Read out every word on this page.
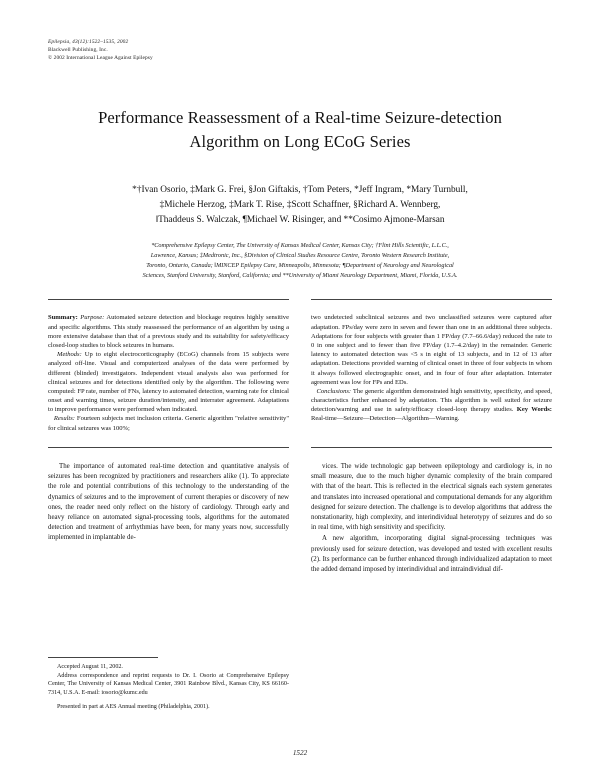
Epilepsia, 43(12):1522–1535, 2002
Blackwell Publishing, Inc.
© 2002 International League Against Epilepsy
Performance Reassessment of a Real-time Seizure-detection
Algorithm on Long ECoG Series
*†Ivan Osorio, ‡Mark G. Frei, §Jon Giftakis, †Tom Peters, *Jeff Ingram, *Mary Turnbull,
‡Michele Herzog, ‡Mark T. Rise, ‡Scott Schaffner, §Richard A. Wennberg,
‖Thaddeus S. Walczak, ¶Michael W. Risinger, and **Cosimo Ajmone-Marsan
*Comprehensive Epilepsy Center, The University of Kansas Medical Center, Kansas City; †Flint Hills Scientific, L.L.C.,
Lawrence, Kansas; ‡Medtronic, Inc., §Division of Clinical Studies Resource Centre, Toronto Western Research Institute,
Toronto, Ontario, Canada; ‖MINCEP Epilepsy Care, Minneapolis, Minnesota; ¶Department of Neurology and Neurological
Sciences, Stanford University, Stanford, California; and **University of Miami Neurology Department, Miami, Florida, U.S.A.

Summary: Purpose: Automated seizure detection and blockage requires highly sensitive and specific algorithms. This study reassessed the performance of an algorithm by using a more extensive database than that of a previous study and its suitability for safety/efficacy closed-loop studies to block seizures in humans.
Methods: Up to eight electrocorticography (ECoG) channels from 15 subjects were analyzed off-line. Visual and computerized analyses of the data were performed by different (blinded) investigators. Independent visual analysis also was performed for clinical seizures and for detections identified only by the algorithm. The following were computed: FP rate, number of FNs, latency to automated detection, warning rate for clinical onset and warning times, seizure duration/intensity, and interrater agreement. Adaptations to improve performance were performed when indicated.
Results: Fourteen subjects met inclusion criteria. Generic algorithm "relative sensitivity" for clinical seizures was 100%;

two undetected subclinical seizures and two unclassified seizures were captured after adaptation. FPs/day were zero in seven and fewer than one in an additional three subjects. Adaptations for four subjects with greater than 1 FP/day (7.7–66.6/day) reduced the rate to 0 in one subject and to fewer than five FP/day (1.7–4.2/day) in the remainder. Generic latency to automated detection was <5 s in eight of 13 subjects, and in 12 of 13 after adaptation. Detections provided warning of clinical onset in three of four subjects in whom it always followed electrographic onset, and in four of four after adaptation. Interrater agreement was low for FPs and EDs.
Conclusions: The generic algorithm demonstrated high sensitivity, specificity, and speed, characteristics further enhanced by adaptation. This algorithm is well suited for seizure detection/warning and use in safety/efficacy closed-loop therapy studies. Key Words: Real-time—Seizure—Detection—Algorithm—Warning.

The importance of automated real-time detection and quantitative analysis of seizures has been recognized by practitioners and researchers alike (1). To appreciate the role and potential contributions of this technology to the understanding of the dynamics of seizures and to the improvement of current therapies or discovery of new ones, the reader need only reflect on the history of cardiology. Through early and heavy reliance on automated signal-processing tools, algorithms for the automated detection and treatment of arrhythmias have been, for many years now, successfully implemented in implantable de-

vices. The wide technologic gap between epileptology and cardiology is, in no small measure, due to the much higher dynamic complexity of the brain compared with that of the heart. This is reflected in the electrical signals each system generates and translates into increased operational and computational demands for any algorithm designed for seizure detection. The challenge is to develop algorithms that address the nonstationarity, high complexity, and interindividual heterotypy of seizures and do so in real time, with high sensitivity and specificity.

A new algorithm, incorporating digital signal-processing techniques was previously used for seizure detection, was developed and tested with excellent results (2). Its performance can be further enhanced through individualized adaptation to meet the added demand imposed by interindividual and intraindividual dif-

Accepted August 11, 2002.

Address correspondence and reprint requests to Dr. I. Osorio at Comprehensive Epilepsy Center, The University of Kansas Medical Center, 3901 Rainbow Blvd., Kansas City, KS 66160-7314, U.S.A. E-mail: iosorio@kumc.edu

Presented in part at AES Annual meeting (Philadelphia, 2001).

1522
